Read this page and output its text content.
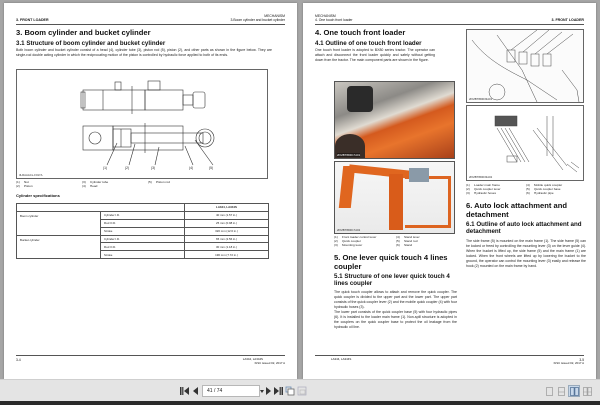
3. FRONT LOADER
MECHANISM
3.Boom cylinder and bucket cylinder
3. Boom cylinder and bucket cylinder
3.1 Structure of boom cylinder and bucket cylinder
Both boom cylinder and bucket cylinder consist of a head (4), cylinder tube (3), piston rod (5), piston (2), and other parts as shown in the figure below. They are single-rod double acting cylinder in which the reciprocating motion of the piston is controlled by hydraulic force applied to both of its ends.
(1)	(2)	(3)	(4)	(5)
3LRAAACL-F017A
(1)	Nut
(2)	Piston
(3)	Cylinder tube
(4)	Head
(5)	Piston rod
Cylinder specifications
		LA344, LA344S
Boom cylinder	Cylinder I.D.	40 mm (1.57 in.)
	Rod O.D.	25 mm (0.98 in.)
	Stroke	320 mm (12.6 in.)
Bucket cylinder	Cylinder I.D.	65 mm (2.56 in.)
	Rod O.D.	30 mm (1.18 in.)
	Stroke	196 mm (7.72 in.)
3-4	LA344, LA344S
KiSC issued 02, 2017 A
MECHANISM
4. One touch front loader	3. FRONT LOADER
4. One touch front loader
4.1 Outline of one touch front loader
One touch front loader is adopted to BX80 series tractor. The operator can attach and disconnect the front loader quickly and safely without getting down from the tractor. The main component parts are shown in the figure.
2KMBTIB0017A01
2KMBTIB0017A02
(1)	Front loader control lever
(2)	Quick coupler
(3)	Mounting lever
(4)	Stand lever
(5)	Stand rod
(6)	Stand
5. One lever quick touch 4 lines coupler
5.1 Structure of one lever quick touch 4 lines coupler
The quick touch coupler allows to attach and remove the quick coupler. The quick coupler is divided to the upper part and the lower part. The upper part consists of the quick coupler lever (2) and the mobile quick coupler (4) with four hydraulic hoses (3).
The lower part consists of the quick coupler base (5) with four hydraulic pipes (6). It is installed to the loader main frame (1). Non-spill structure is adopted in the couplers on the quick coupler base to protect the oil leakage from the hydraulic oil line.
2KMBTIB0033A01
2KMBTIB0033A02
(1)	Loader main frame
(2)	Quick coupler lever
(3)	Hydraulic hoses
(4)	Mobile quick coupler
(5)	Quick coupler base
(6)	Hydraulic pipe
6. Auto lock attachment and detachment
6.1 Outline of auto lock attachment and detachment
The side frame (5) is mounted on the main frame (1). The side frame (5) can be locked or freed by controlling the mounting lever (3) on the lever guide (4). When the bucket is lifted up, the side frame (5) and the main frame (1) are locked. When the front wheels are lifted up by lowering the bucket to the ground, the operator can control the mounting lever (3) easily and release the hook (2) mounted on the main frame by hand.
LA344, LA344S	3-5
KiSC issued 02, 2017 A
41 / 74
